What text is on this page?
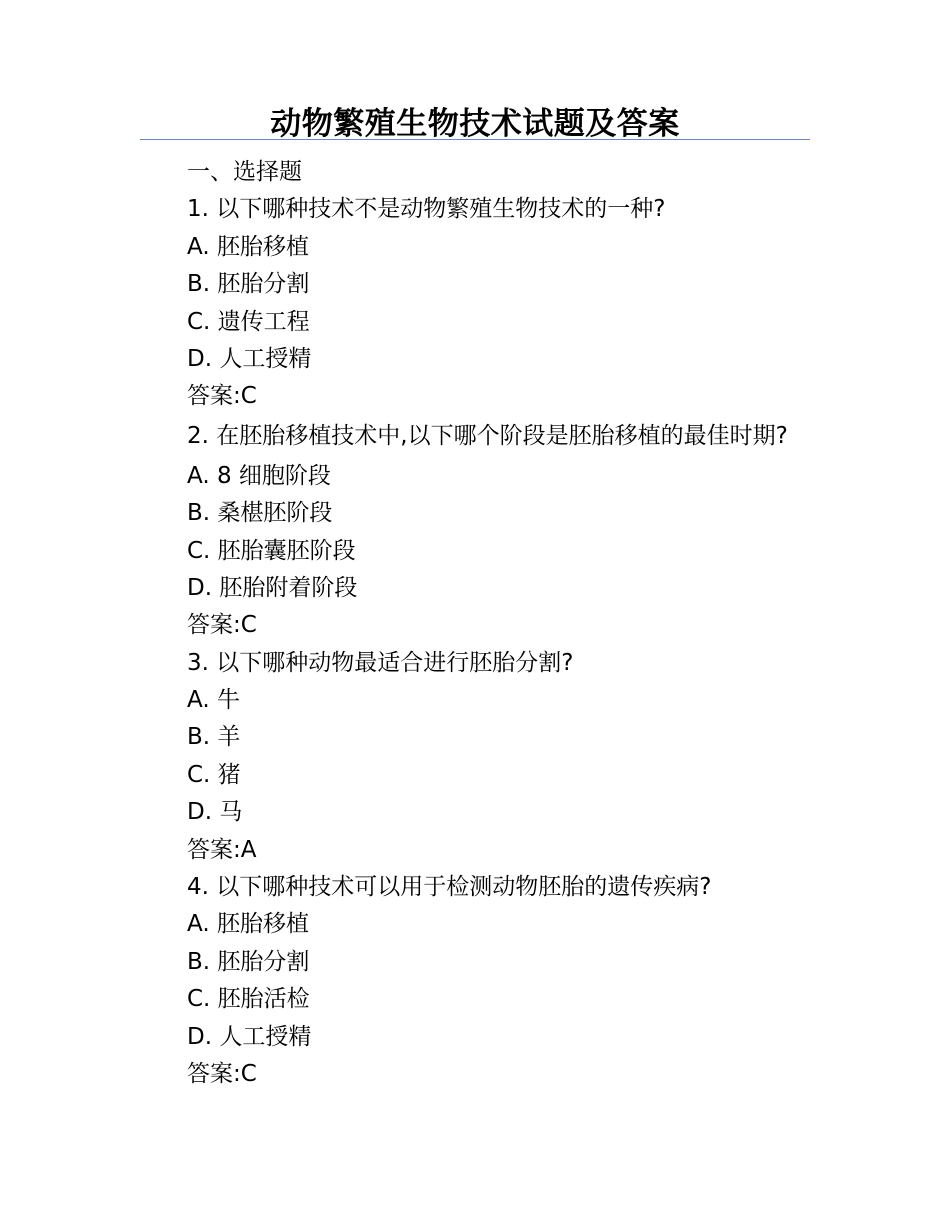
动物繁殖生物技术试题及答案

一、选择题

1. 以下哪种技术不是动物繁殖生物技术的一种?

A. 胚胎移植

B. 胚胎分割

C. 遗传工程

D. 人工授精

答案:C

2. 在胚胎移植技术中,以下哪个阶段是胚胎移植的最佳时期?

A. 8 细胞阶段

B. 桑椹胚阶段

C. 胚胎囊胚阶段

D. 胚胎附着阶段

答案:C

3. 以下哪种动物最适合进行胚胎分割?

A. 牛

B. 羊

C. 猪

D. 马

答案:A

4. 以下哪种技术可以用于检测动物胚胎的遗传疾病?

A. 胚胎移植

B. 胚胎分割

C. 胚胎活检

D. 人工授精

答案:C
